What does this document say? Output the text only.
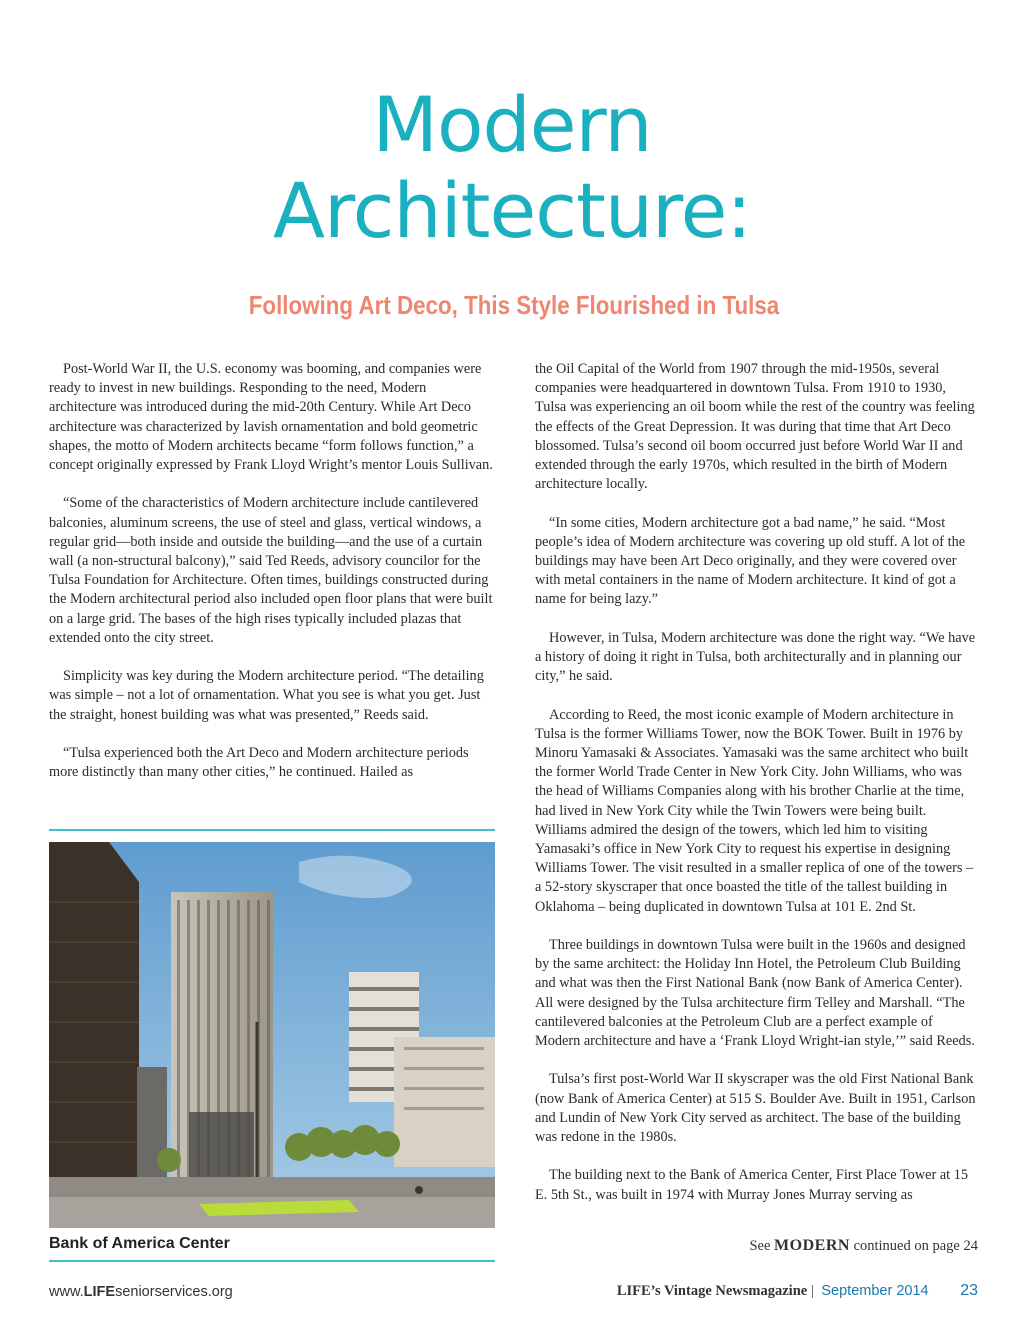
Modern
Architecture:
Following Art Deco, This Style Flourished in Tulsa

Post-World War II, the U.S. economy was booming, and companies were ready to invest in new buildings. Responding to the need, Modern architecture was introduced during the mid-20th Century. While Art Deco architecture was characterized by lavish ornamentation and bold geometric shapes, the motto of Modern architects became “form follows function,” a concept originally expressed by Frank Lloyd Wright’s mentor Louis Sullivan.

“Some of the characteristics of Modern architecture include cantilevered balconies, aluminum screens, the use of steel and glass, vertical windows, a regular grid—both inside and outside the building—and the use of a curtain wall (a non-structural balcony),” said Ted Reeds, advisory councilor for the Tulsa Foundation for Architecture. Often times, buildings constructed during the Modern architectural period also included open floor plans that were built on a large grid. The bases of the high rises typically included plazas that extended onto the city street.

Simplicity was key during the Modern architecture period. “The detailing was simple – not a lot of ornamentation. What you see is what you get. Just the straight, honest building was what was presented,” Reeds said.

“Tulsa experienced both the Art Deco and Modern architecture periods more distinctly than many other cities,” he continued. Hailed as

the Oil Capital of the World from 1907 through the mid-1950s, several companies were headquartered in downtown Tulsa. From 1910 to 1930, Tulsa was experiencing an oil boom while the rest of the country was feeling the effects of the Great Depression. It was during that time that Art Deco blossomed. Tulsa’s second oil boom occurred just before World War II and extended through the early 1970s, which resulted in the birth of Modern architecture locally.

“In some cities, Modern architecture got a bad name,” he said. “Most people’s idea of Modern architecture was covering up old stuff. A lot of the buildings may have been Art Deco originally, and they were covered over with metal containers in the name of Modern architecture. It kind of got a name for being lazy.”

However, in Tulsa, Modern architecture was done the right way. “We have a history of doing it right in Tulsa, both architecturally and in planning our city,” he said.

According to Reed, the most iconic example of Modern architecture in Tulsa is the former Williams Tower, now the BOK Tower. Built in 1976 by Minoru Yamasaki & Associates. Yamasaki was the same architect who built the former World Trade Center in New York City. John Williams, who was the head of Williams Companies along with his brother Charlie at the time, had lived in New York City while the Twin Towers were being built. Williams admired the design of the towers, which led him to visiting Yamasaki’s office in New York City to request his expertise in designing Williams Tower. The visit resulted in a smaller replica of one of the towers – a 52-story skyscraper that once boasted the title of the tallest building in Oklahoma – being duplicated in downtown Tulsa at 101 E. 2nd St.

Three buildings in downtown Tulsa were built in the 1960s and designed by the same architect: the Holiday Inn Hotel, the Petroleum Club Building and what was then the First National Bank (now Bank of America Center). All were designed by the Tulsa architecture firm Telley and Marshall. “The cantilevered balconies at the Petroleum Club are a perfect example of Modern architecture and have a ‘Frank Lloyd Wright-ian style,’” said Reeds.

Tulsa’s first post-World War II skyscraper was the old First National Bank (now Bank of America Center) at 515 S. Boulder Ave. Built in 1951, Carlson and Lundin of New York City served as architect. The base of the building was redone in the 1980s.

The building next to the Bank of America Center, First Place Tower at 15 E. 5th St., was built in 1974 with Murray Jones Murray serving as

Bank of America Center	See MODERN continued on page 24
www.LIFEseniorservices.org	LIFE’s Vintage Newsmagazine | September 2014 23
